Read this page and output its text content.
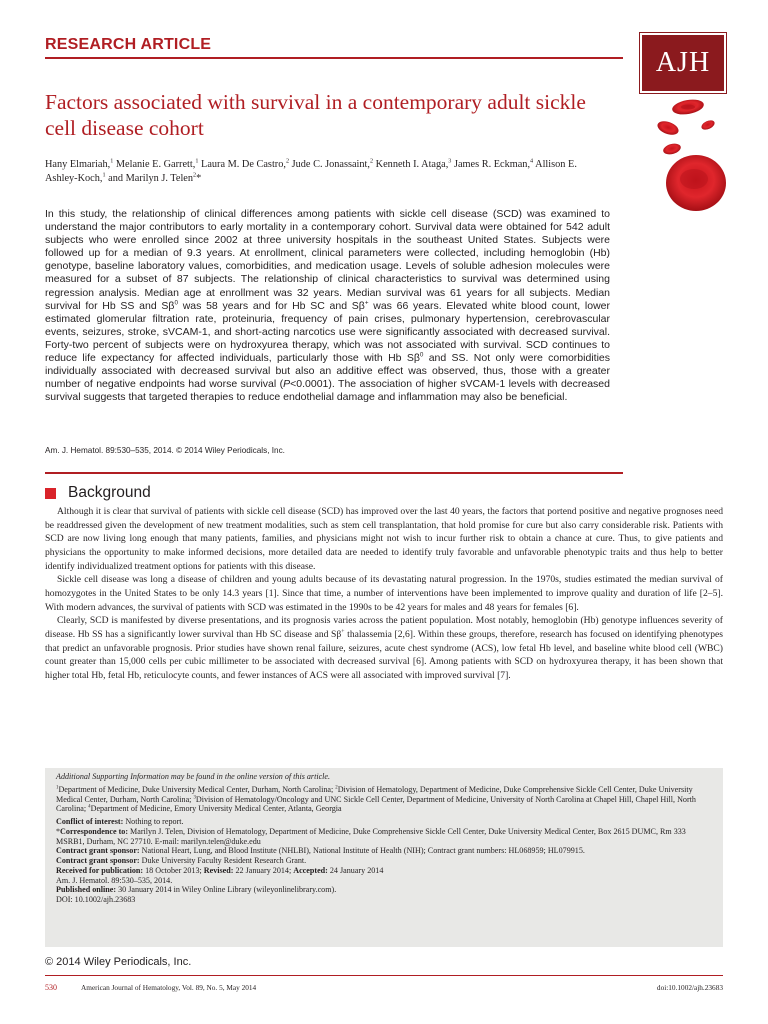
RESEARCH ARTICLE
AJH
Factors associated with survival in a contemporary adult sickle cell disease cohort
Hany Elmariah,$^1$ Melanie E. Garrett,$^1$ Laura M. De Castro,$^2$ Jude C. Jonassaint,$^2$ Kenneth I. Ataga,$^3$ James R. Eckman,$^4$ Allison E. Ashley-Koch,$^1$ and Marilyn J. Telen$^2$*
In this study, the relationship of clinical differences among patients with sickle cell disease (SCD) was examined to understand the major contributors to early mortality in a contemporary cohort. Survival data were obtained for 542 adult subjects who were enrolled since 2002 at three university hospitals in the southeast United States. Subjects were followed up for a median of 9.3 years. At enrollment, clinical parameters were collected, including hemoglobin (Hb) genotype, baseline laboratory values, comorbidities, and medication usage. Levels of soluble adhesion molecules were measured for a subset of 87 subjects. The relationship of clinical characteristics to survival was determined using regression analysis. Median age at enrollment was 32 years. Median survival was 61 years for all subjects. Median survival for Hb SS and $S\beta^0$ was 58 years and for Hb SC and Sβ+ was 66 years. Elevated white blood count, lower estimated glomerular filtration rate, proteinuria, frequency of pain crises, pulmonary hypertension, cerebrovascular events, seizures, stroke, sVCAM-1, and short-acting narcotics use were significantly associated with decreased survival. Forty-two percent of subjects were on hydroxyurea therapy, which was not associated with survival. SCD continues to reduce life expectancy for affected individuals, particularly those with Hb $S\beta^0$ and SS. Not only were comorbidities individually associated with decreased survival but also an additive effect was observed, thus, those with a greater number of negative endpoints had worse survival (P<0.0001). The association of higher sVCAM-1 levels with decreased survival suggests that targeted therapies to reduce endothelial damage and inflammation may also be beneficial.
Am. J. Hematol. 89:530–535, 2014. © 2014 Wiley Periodicals, Inc.
Background

Although it is clear that survival of patients with sickle cell disease (SCD) has improved over the last 40 years, the factors that portend positive and negative prognoses need be readdressed given the development of new treatment modalities, such as stem cell transplantation, that hold promise for cure but also carry considerable risk. Patients with SCD are now living long enough that many patients, families, and physicians might not wish to incur further risk to obtain a chance at cure. Thus, to give patients and physicians the opportunity to make informed decisions, more detailed data are needed to identify truly favorable and unfavorable phenotypic traits and thus help to better identify individualized treatment options for patients with this disease.

Sickle cell disease was long a disease of children and young adults because of its devastating natural progression. In the 1970s, studies estimated the median survival of homozygotes in the United States to be only 14.3 years [1]. Since that time, a number of interventions have been implemented to improve quality and duration of life [2–5]. With modern advances, the survival of patients with SCD was estimated in the 1990s to be 42 years for males and 48 years for females [6].

Clearly, SCD is manifested by diverse presentations, and its prognosis varies across the patient population. Most notably, hemoglobin (Hb) genotype influences severity of disease. Hb SS has a significantly lower survival than Hb SC disease and Sβ+ thalassemia [2,6]. Within these groups, therefore, research has focused on identifying phenotypes that predict an unfavorable prognosis. Prior studies have shown renal failure, seizures, acute chest syndrome (ACS), low fetal Hb level, and baseline white blood cell (WBC) count greater than 15,000 cells per cubic millimeter to be associated with decreased survival [6]. Among patients with SCD on hydroxyurea therapy, it has been shown that higher total Hb, fetal Hb, reticulocyte counts, and fewer instances of ACS were all associated with improved survival [7].

Additional Supporting Information may be found in the online version of this article.
$^1$Department of Medicine, Duke University Medical Center, Durham, North Carolina; $^2$Division of Hematology, Department of Medicine, Duke Comprehensive Sickle Cell Center, Duke University Medical Center, Durham, North Carolina; $^3$Division of Hematology/Oncology and UNC Sickle Cell Center, Department of Medicine, University of North Carolina at Chapel Hill, Chapel Hill, North Carolina; $^4$Department of Medicine, Emory University Medical Center, Atlanta, Georgia
Conflict of interest: Nothing to report.
*Correspondence to: Marilyn J. Telen, Division of Hematology, Department of Medicine, Duke Comprehensive Sickle Cell Center, Duke University Medical Center, Box 2615 DUMC, Rm 333 MSRB1, Durham, NC 27710. E-mail: marilyn.telen@duke.edu
Contract grant sponsor: National Heart, Lung, and Blood Institute (NHLBI), National Institute of Health (NIH); Contract grant numbers: HL068959; HL079915.
Contract grant sponsor: Duke University Faculty Resident Research Grant.
Received for publication: 18 October 2013; Revised: 22 January 2014; Accepted: 24 January 2014
Am. J. Hematol. 89:530–535, 2014.
Published online: 30 January 2014 in Wiley Online Library (wileyonlinelibrary.com).
DOI: 10.1002/ajh.23683
© 2014 Wiley Periodicals, Inc.
530	American Journal of Hematology, Vol. 89, No. 5, May 2014	doi:10.1002/ajh.23683
